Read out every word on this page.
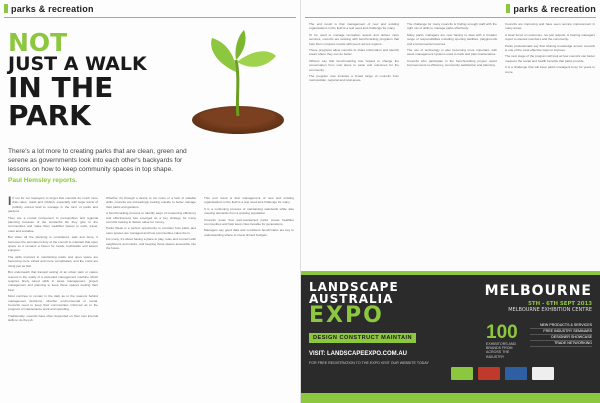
parks & recreation
NOT
JUST A WALK
IN THE PARK
There's a lot more to creating parks that are clean, green and serene as governments look into each other's backyards for lessons on how to keep community spaces in top shape.
Paul Hemsley reports.

I If not for our taxpayers to forget that councils do much more than rates, roads and rubbish, especially with large tracts of publicly owned land to manage in the form of parks and gardens.

They are a crucial component to metropolitan and regional planning because of the wonderful life they give to the communities and make them wealthier places to work, travel, meet and socialise.

But when all the planning is considered, said and done, it becomes the permanent duty of the council to maintain that open space so it remains a haven for locals, bushwalks and leisure enjoyers.

The skills involved in maintaining parks and open space are becoming more varied and more complicated, and the costs are rising just as fast.

But underneath that tranquil setting of an urban park or nature reserve is the reality of a well-oiled management machine which requires finely tuned skills in asset management, project management and planning to keep these spaces looking their best.

Most continue to remain in the dark as to the reasons behind management decisions, whether environmental or social. Councils need to keep their communities informed as to the progress of maintenance work and spending.

Traditionally, councils have often depended on their own internal skills to do the job.

Whether it's through a desire to cut costs or a lack of suitable skills, councils are increasingly looking outside to better manage their parks and gardens.

A benchmarking process to identify ways of measuring efficiency and effectiveness has emerged as a key strategy for many councils looking to deliver value for money.

Parks Week is a perfect opportunity to consider how parks and open spaces are managed and how communities value them.

For many, it's about having a place to play, relax and connect with neighbours and nature, and keeping those places accessible into the future.

This end result is that management of new and existing organisations in the field is a real need and challenge for many.

It is a continuing process of maintaining standards while also meeting demands from a growing population.

Councils know that well-maintained parks create healthier communities and help keep cities liveable for generations.

Managers say good data and consistent benchmarks are key to understanding where to invest limited budgets.

parks & recreation

The end result is that management of new and existing organisations in the field is a real need and challenge for many.

To be used to manage recreation assets and deliver more services, councils are working with benchmarking programs that help them compare results with peers across regions.

These programs allow councils to share information and identify areas where they can do better.

Officers say that benchmarking has helped to change the conversation from cost alone to value and outcomes for the community.

The program now includes a broad range of councils from metropolitan, regional and rural areas.

The challenge for many councils is finding enough staff with the right mix of skills to manage parks effectively.

Many parks managers are now having to deal with a broader range of responsibilities including sporting facilities, playgrounds and environmental reserves.

The use of technology is also becoming more important, with asset management systems used to track and plan maintenance.

Councils who participate in the benchmarking project report improvements in efficiency, community satisfaction and planning.

Councils are improving and have seen service improvement in many areas.

A clear focus on outcomes, not just outputs, is helping managers report to elected members and the community.

Parks professionals say that sharing knowledge across councils is one of the most effective ways to improve.

The next stage of the program will look at how councils can better measure the social and health benefits that parks provide.

It is a challenge that will keep parks managers busy for years to come.

LANDSCAPE
AUSTRALIA
EXPO
DESIGN CONSTRUCT MAINTAIN
VISIT: LANDSCAPEEXPO.COM.AU
FOR FREE REGISTRATION TO THE EXPO VISIT OUR WEBSITE TODAY
MELBOURNE
5TH - 6TH SEPT 2013
MELBOURNE EXHIBITION CENTRE
100
EXHIBITORS AND BRANDS FROM ACROSS THE INDUSTRY
NEW PRODUCTS & SERVICES
FREE INDUSTRY SEMINARS
DESIGNER SHOWCASE
TRADE NETWORKING
